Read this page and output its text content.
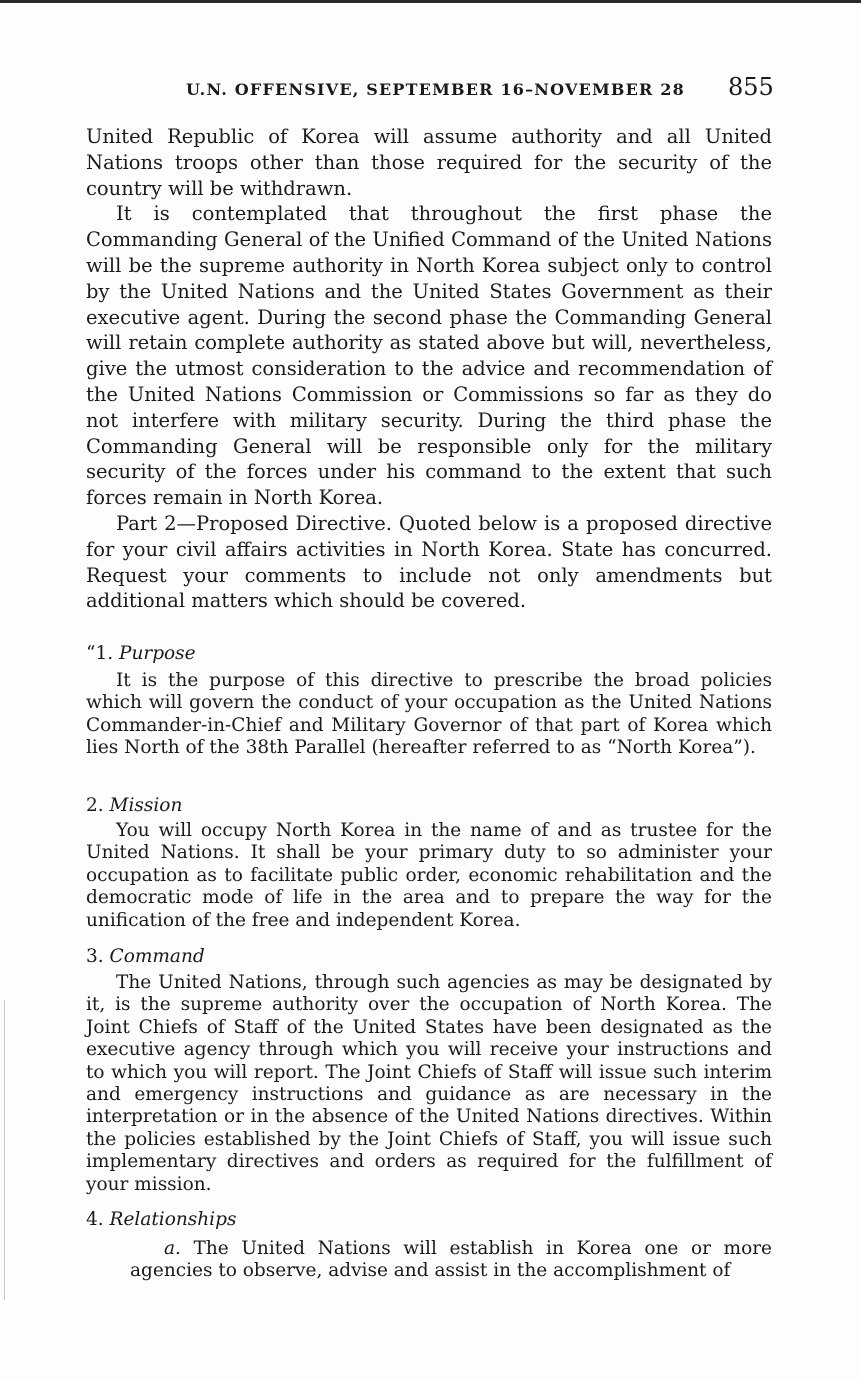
U.N. OFFENSIVE, SEPTEMBER 16–NOVEMBER 28 855

United Republic of Korea will assume authority and all United Nations troops other than those required for the security of the country will be withdrawn.

It is contemplated that throughout the first phase the Commanding General of the Unified Command of the United Nations will be the supreme authority in North Korea subject only to control by the United Nations and the United States Government as their executive agent. During the second phase the Commanding General will retain complete authority as stated above but will, nevertheless, give the utmost consideration to the advice and recommendation of the United Nations Commission or Commissions so far as they do not interfere with military security. During the third phase the Commanding General will be responsible only for the military security of the forces under his command to the extent that such forces remain in North Korea.

Part 2—Proposed Directive. Quoted below is a proposed directive for your civil affairs activities in North Korea. State has concurred. Request your comments to include not only amendments but additional matters which should be covered.

“1. Purpose

It is the purpose of this directive to prescribe the broad policies which will govern the conduct of your occupation as the United Nations Commander-in-Chief and Military Governor of that part of Korea which lies North of the 38th Parallel (hereafter referred to as “North Korea”).

2. Mission

You will occupy North Korea in the name of and as trustee for the United Nations. It shall be your primary duty to so administer your occupation as to facilitate public order, economic rehabilitation and the democratic mode of life in the area and to prepare the way for the unification of the free and independent Korea.

3. Command

The United Nations, through such agencies as may be designated by it, is the supreme authority over the occupation of North Korea. The Joint Chiefs of Staff of the United States have been designated as the executive agency through which you will receive your instructions and to which you will report. The Joint Chiefs of Staff will issue such interim and emergency instructions and guidance as are necessary in the interpretation or in the absence of the United Nations directives. Within the policies established by the Joint Chiefs of Staff, you will issue such implementary directives and orders as required for the fulfillment of your mission.

4. Relationships

a. The United Nations will establish in Korea one or more agencies to observe, advise and assist in the accomplishment of
